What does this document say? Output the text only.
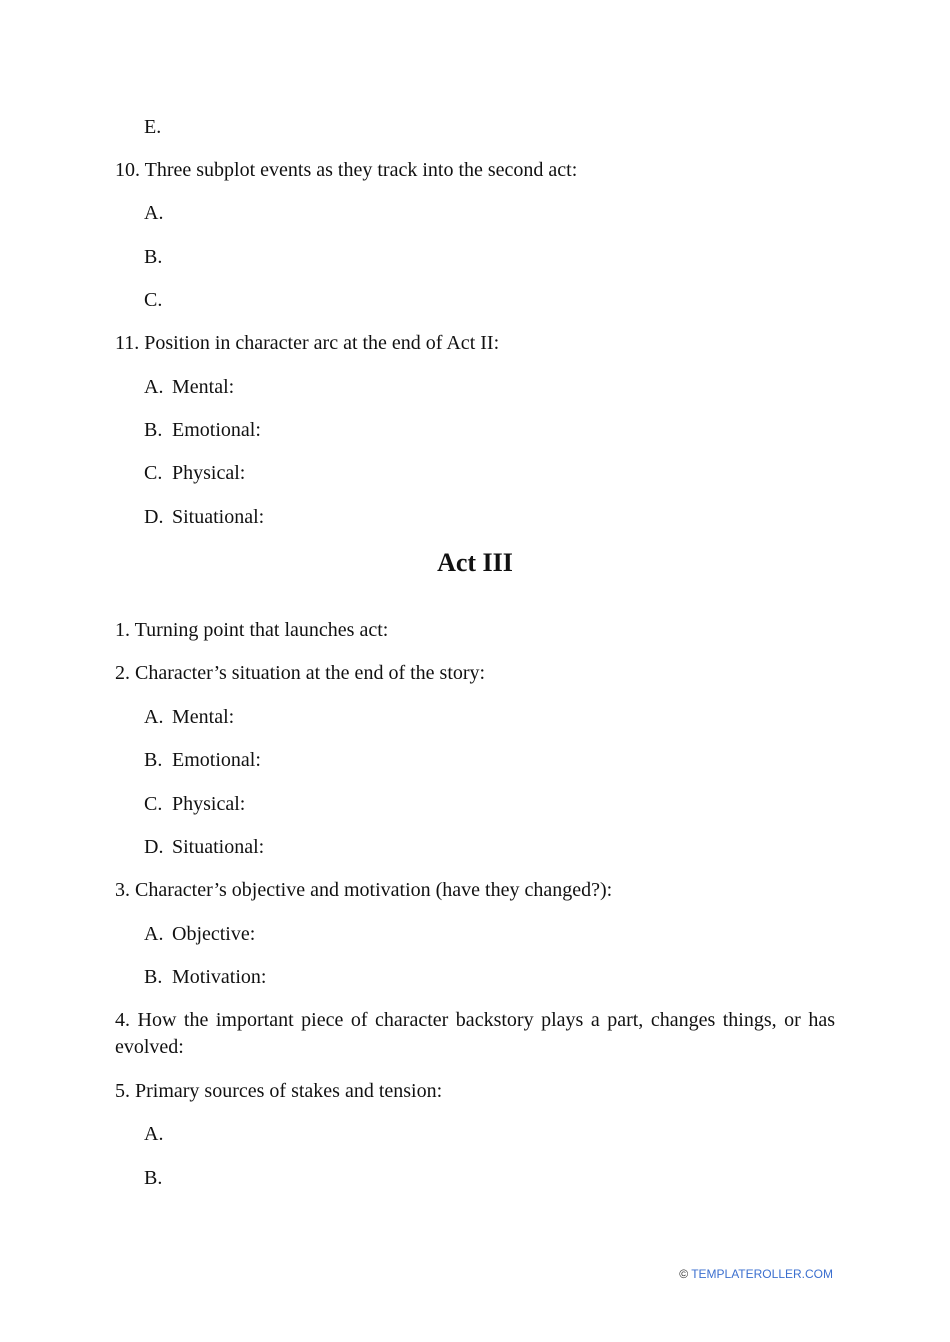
E.
10. Three subplot events as they track into the second act:
A.
B.
C.
11. Position in character arc at the end of Act II:
A. Mental:
B. Emotional:
C. Physical:
D. Situational:
Act III
1. Turning point that launches act:
2. Character’s situation at the end of the story:
A. Mental:
B. Emotional:
C. Physical:
D. Situational:
3. Character’s objective and motivation (have they changed?):
A. Objective:
B. Motivation:
4. How the important piece of character backstory plays a part, changes things, or has evolved:
5. Primary sources of stakes and tension:
A.
B.
© TEMPLATEROLLER.COM
